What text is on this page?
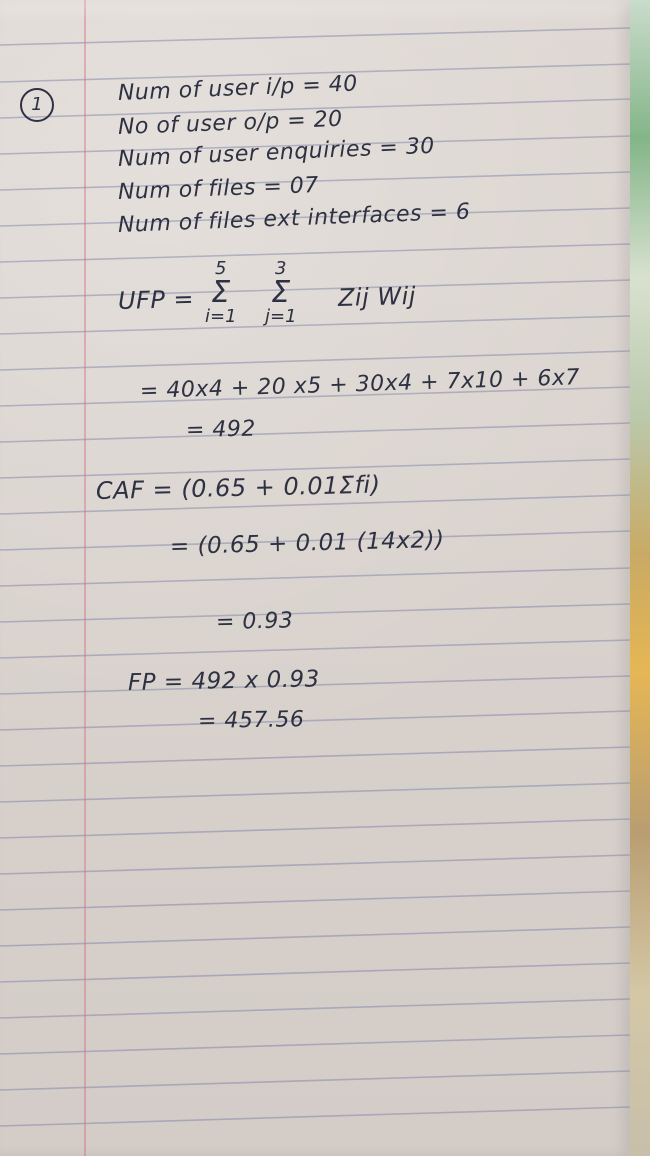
1	Num of user i/p = 40

No of user o/p = 20

Num of user enquiries = 30

Num of files = 07

Num of files ext interfaces = 6

UFP =

5
Σ
i=1
3
Σ
j=1

Zij Wij

= 40x4 + 20 x5 + 30x4 + 7x10 + 6x7

= 492

CAF = (0.65 + 0.01Σfi)

= (0.65 + 0.01 (14x2))

= 0.93

FP = 492 x 0.93

= 457.56
